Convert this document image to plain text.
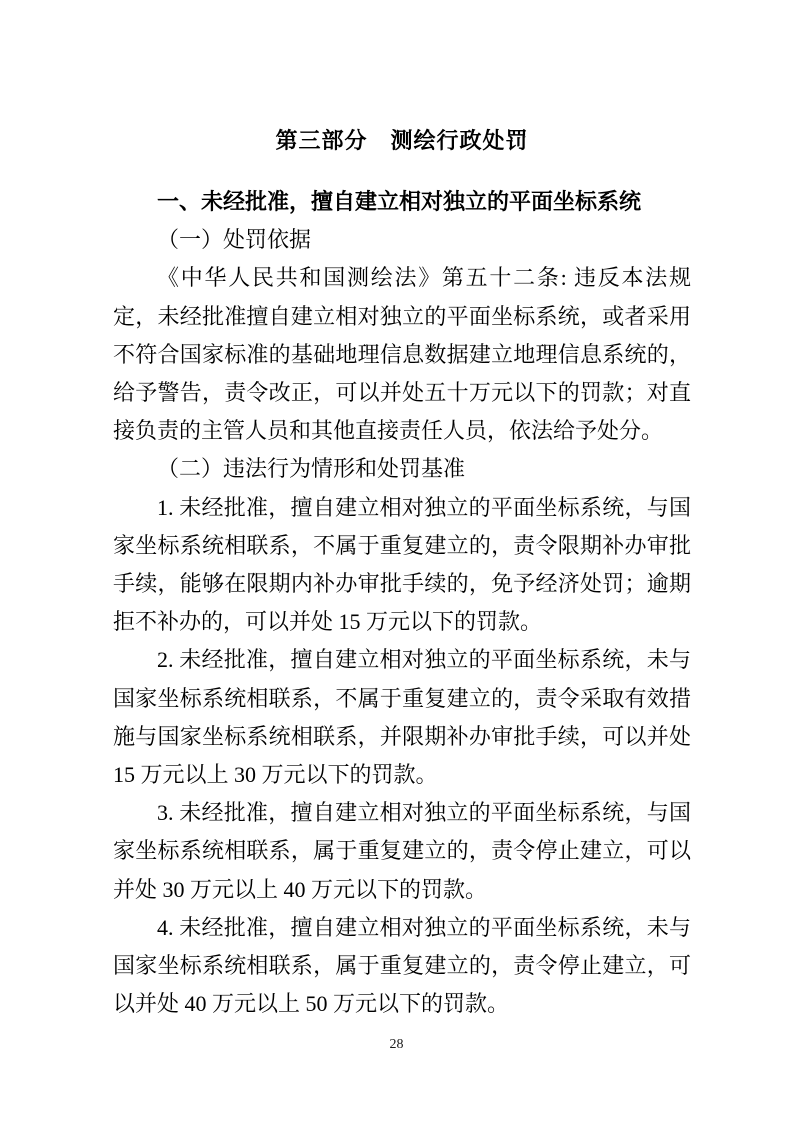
第三部分　测绘行政处罚
一、未经批准，擅自建立相对独立的平面坐标系统

（一）处罚依据

《中华人民共和国测绘法》第五十二条: 违反本法规定，未经批准擅自建立相对独立的平面坐标系统，或者采用不符合国家标准的基础地理信息数据建立地理信息系统的，给予警告，责令改正，可以并处五十万元以下的罚款；对直接负责的主管人员和其他直接责任人员，依法给予处分。

（二）违法行为情形和处罚基准

1. 未经批准，擅自建立相对独立的平面坐标系统，与国家坐标系统相联系，不属于重复建立的，责令限期补办审批手续，能够在限期内补办审批手续的，免予经济处罚；逾期拒不补办的，可以并处 15 万元以下的罚款。

2. 未经批准，擅自建立相对独立的平面坐标系统，未与国家坐标系统相联系，不属于重复建立的，责令采取有效措施与国家坐标系统相联系，并限期补办审批手续，可以并处 15 万元以上 30 万元以下的罚款。

3. 未经批准，擅自建立相对独立的平面坐标系统，与国家坐标系统相联系，属于重复建立的，责令停止建立，可以并处 30 万元以上 40 万元以下的罚款。

4. 未经批准，擅自建立相对独立的平面坐标系统，未与国家坐标系统相联系，属于重复建立的，责令停止建立，可以并处 40 万元以上 50 万元以下的罚款。

28
